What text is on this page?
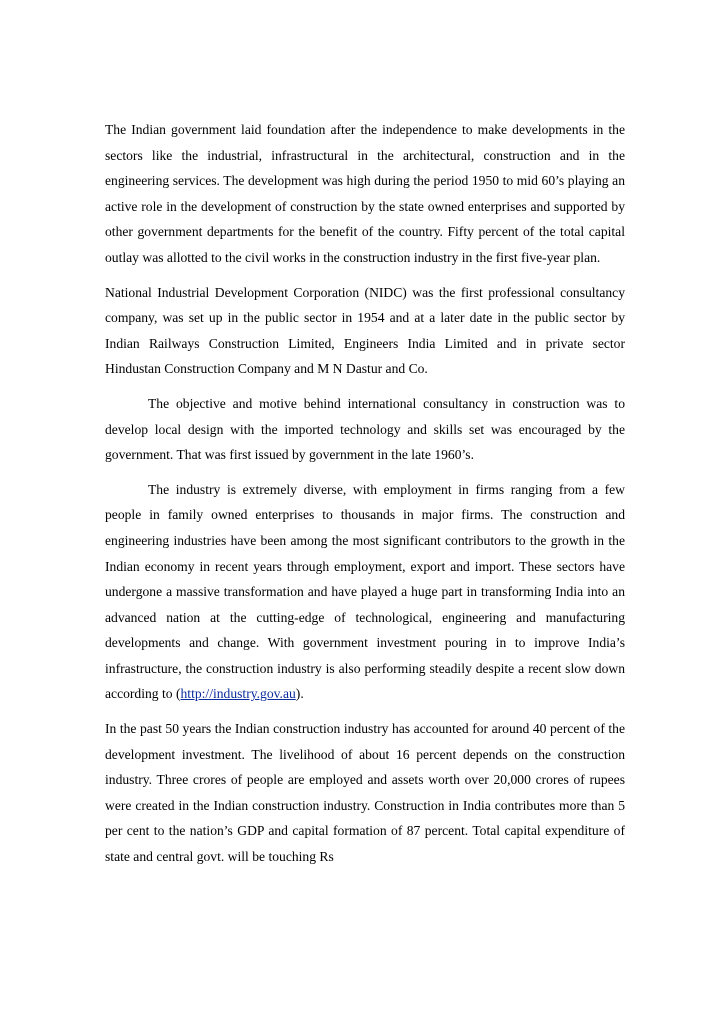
The Indian government laid foundation after the independence to make developments in the sectors like the industrial, infrastructural in the architectural, construction and in the engineering services. The development was high during the period 1950 to mid 60’s playing an active role in the development of construction by the state owned enterprises and supported by other government departments for the benefit of the country. Fifty percent of the total capital outlay was allotted to the civil works in the construction industry in the first five-year plan.

National Industrial Development Corporation (NIDC) was the first professional consultancy company, was set up in the public sector in 1954 and at a later date in the public sector by Indian Railways Construction Limited, Engineers India Limited and in private sector Hindustan Construction Company and M N Dastur and Co.

The objective and motive behind international consultancy in construction was to develop local design with the imported technology and skills set was encouraged by the government. That was first issued by government in the late 1960’s.

The industry is extremely diverse, with employment in firms ranging from a few people in family owned enterprises to thousands in major firms. The construction and engineering industries have been among the most significant contributors to the growth in the Indian economy in recent years through employment, export and import. These sectors have undergone a massive transformation and have played a huge part in transforming India into an advanced nation at the cutting-edge of technological, engineering and manufacturing developments and change. With government investment pouring in to improve India’s infrastructure, the construction industry is also performing steadily despite a recent slow down according to (http://industry.gov.au).

In the past 50 years the Indian construction industry has accounted for around 40 percent of the development investment. The livelihood of about 16 percent depends on the construction industry. Three crores of people are employed and assets worth over 20,000 crores of rupees were created in the Indian construction industry. Construction in India contributes more than 5 per cent to the nation’s GDP and capital formation of 87 percent. Total capital expenditure of state and central govt. will be touching Rs
